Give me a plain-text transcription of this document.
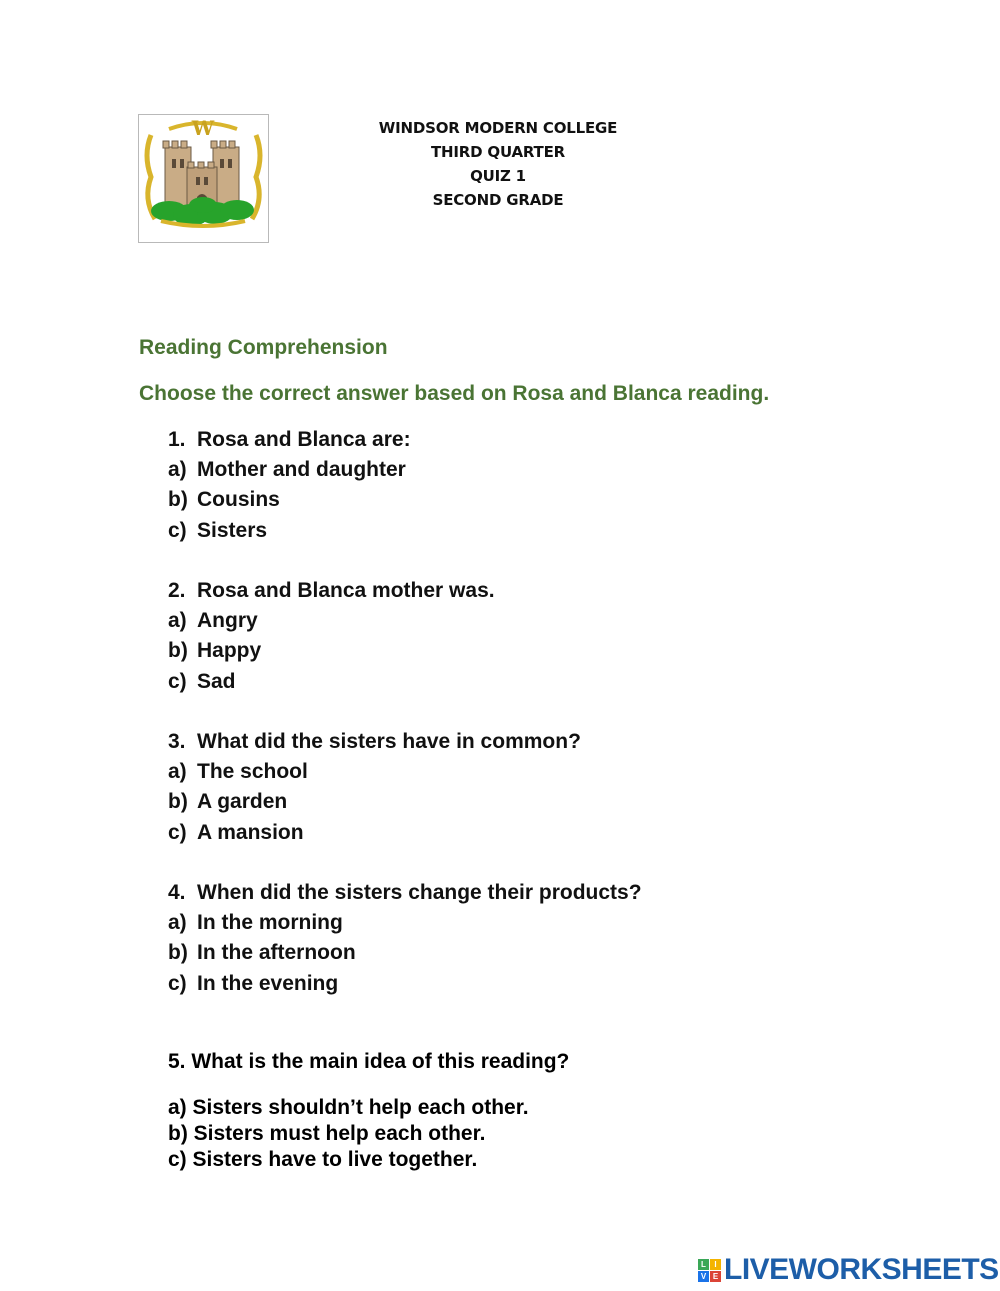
W	WINDSOR MODERN COLLEGE
THIRD QUARTER
QUIZ 1
SECOND GRADE
Reading Comprehension
Choose the correct answer based on Rosa and Blanca reading.
1. Rosa and Blanca are:
a) Mother and daughter
b) Cousins
c) Sisters
2. Rosa and Blanca mother was.
a) Angry
b) Happy
c) Sad
3. What did the sisters have in common?
a) The school
b) A garden
c) A mansion
4. When did the sisters change their products?
a) In the morning
b) In the afternoon
c) In the evening
5. What is the main idea of this reading?
a) Sisters shouldn’t help each other.
b) Sisters must help each other.
c) Sisters have to live together.
L	I
V E LIVEWORKSHEETS
